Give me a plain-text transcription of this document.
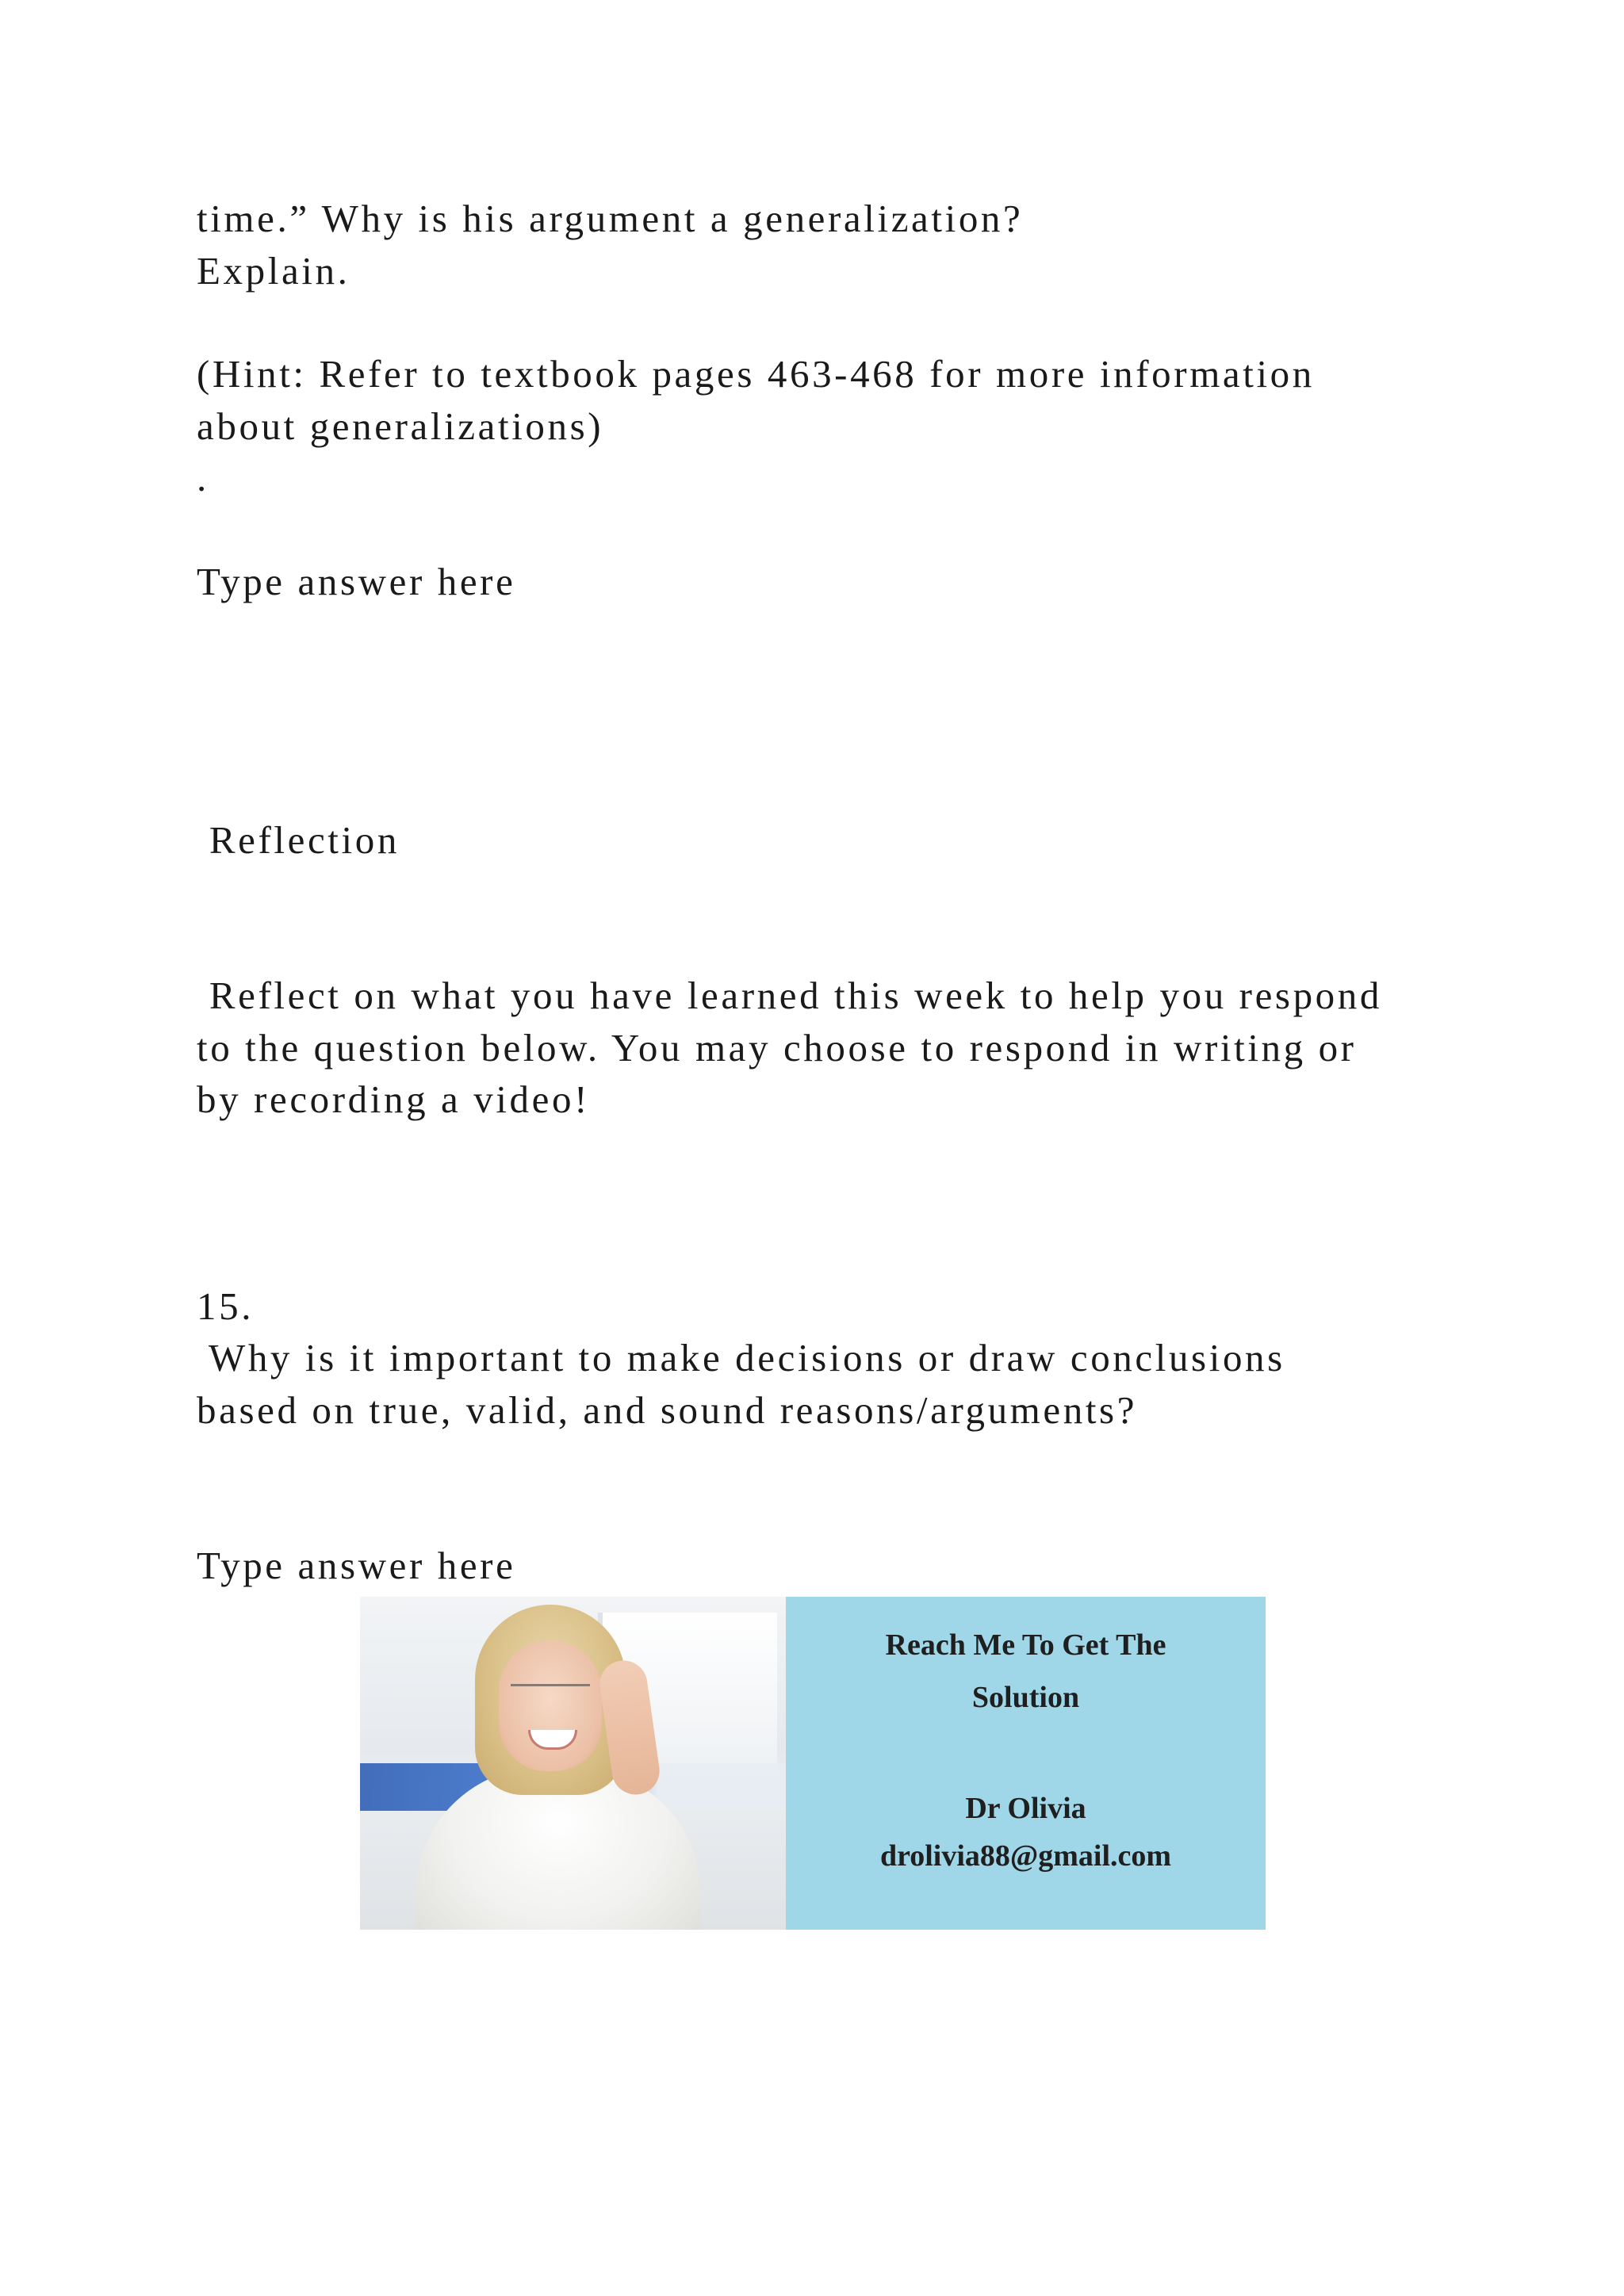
time.” Why is his argument a generalization?

Explain.

(Hint: Refer to textbook pages 463-468 for more information

about generalizations)

.

Type answer here

Reflection

Reflect on what you have learned this week to help you respond

to the question below. You may choose to respond in writing or

by recording a video!

15.

Why is it important to make decisions or draw conclusions

based on true, valid, and sound reasons/arguments?

Type answer here

Reach Me To Get The

Solution

Dr Olivia

drolivia88@gmail.com
